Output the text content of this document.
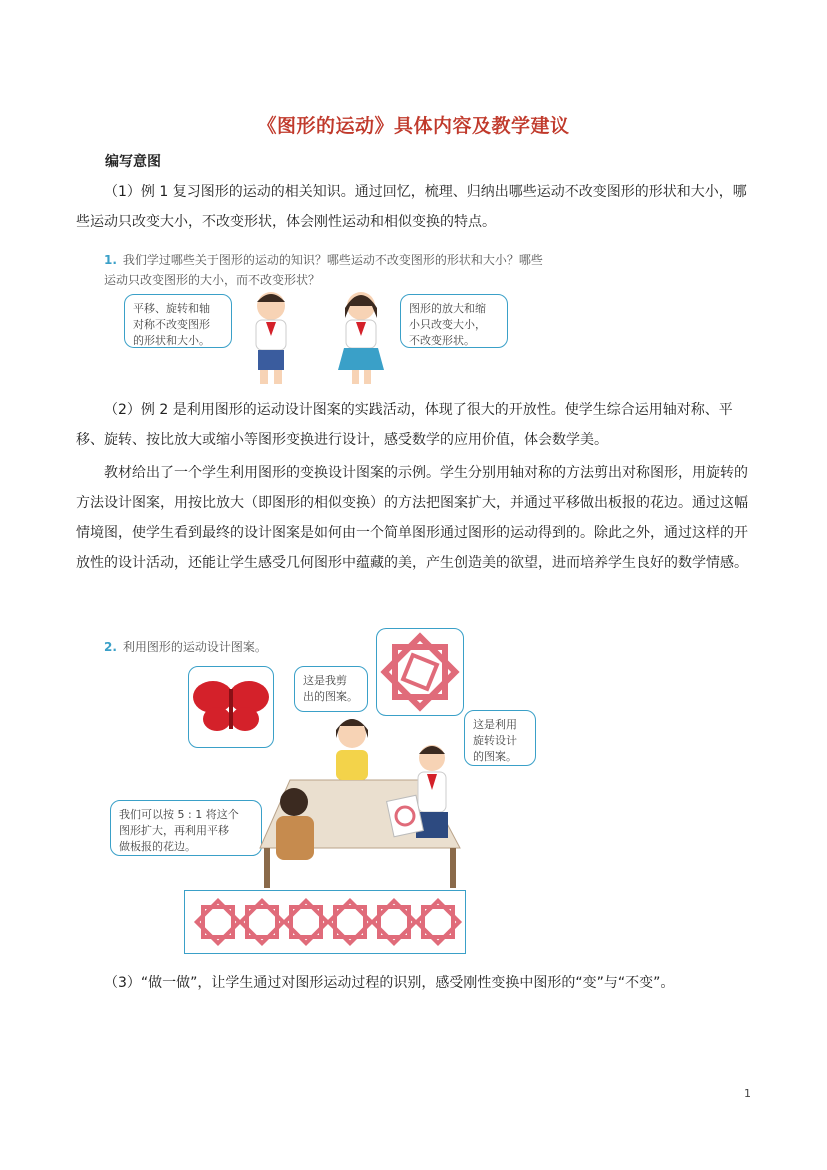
《图形的运动》具体内容及教学建议
编写意图

（1）例 1 复习图形的运动的相关知识。通过回忆，梳理、归纳出哪些运动不改变图形的形状和大小，哪些运动只改变大小，不改变形状，体会刚性运动和相似变换的特点。

1. 我们学过哪些关于图形的运动的知识？哪些运动不改变图形的形状和大小？哪些运动只改变图形的大小，而不改变形状？
平移、旋转和轴
对称不改变图形
的形状和大小。
图形的放大和缩
小只改变大小，
不改变形状。

（2）例 2 是利用图形的运动设计图案的实践活动，体现了很大的开放性。使学生综合运用轴对称、平移、旋转、按比放大或缩小等图形变换进行设计，感受数学的应用价值，体会数学美。

教材给出了一个学生利用图形的变换设计图案的示例。学生分别用轴对称的方法剪出对称图形，用旋转的方法设计图案，用按比放大（即图形的相似变换）的方法把图案扩大，并通过平移做出板报的花边。通过这幅情境图，使学生看到最终的设计图案是如何由一个简单图形通过图形的运动得到的。除此之外，通过这样的开放性的设计活动，还能让学生感受几何图形中蕴藏的美，产生创造美的欲望，进而培养学生良好的数学情感。

2. 利用图形的运动设计图案。
这是我剪
出的图案。
这是利用
旋转设计
的图案。
我们可以按 5 : 1 将这个
图形扩大，再利用平移
做板报的花边。

（3）“做一做”，让学生通过对图形运动过程的识别，感受刚性变换中图形的“变”与“不变”。

1
